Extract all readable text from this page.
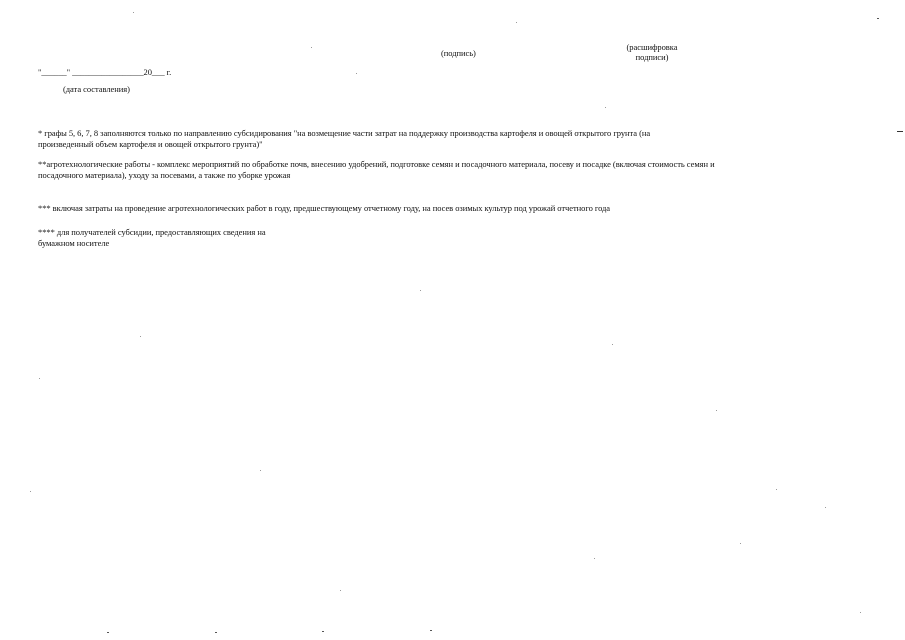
(подпись)
(расшифровка
подписи)
"______" _________________20___ г.
(дата составления)
* графы 5, 6, 7, 8 заполняются только по направлению субсидирования "на возмещение части затрат на поддержку производства картофеля и овощей открытого грунта (на
произведенный объем картофеля и овощей открытого грунта)"
**агротехнологические работы - комплекс мероприятий по обработке почв, внесению удобрений, подготовке семян и посадочного материала, посеву и посадке (включая стоимость семян и
посадочного материала), уходу за посевами, а также по уборке урожая
*** включая затраты на проведение агротехнологических работ в году, предшествующему отчетному году, на посев озимых культур под урожай отчетного года
**** для получателей субсидии, предоставляющих сведения на
бумажном носителе
